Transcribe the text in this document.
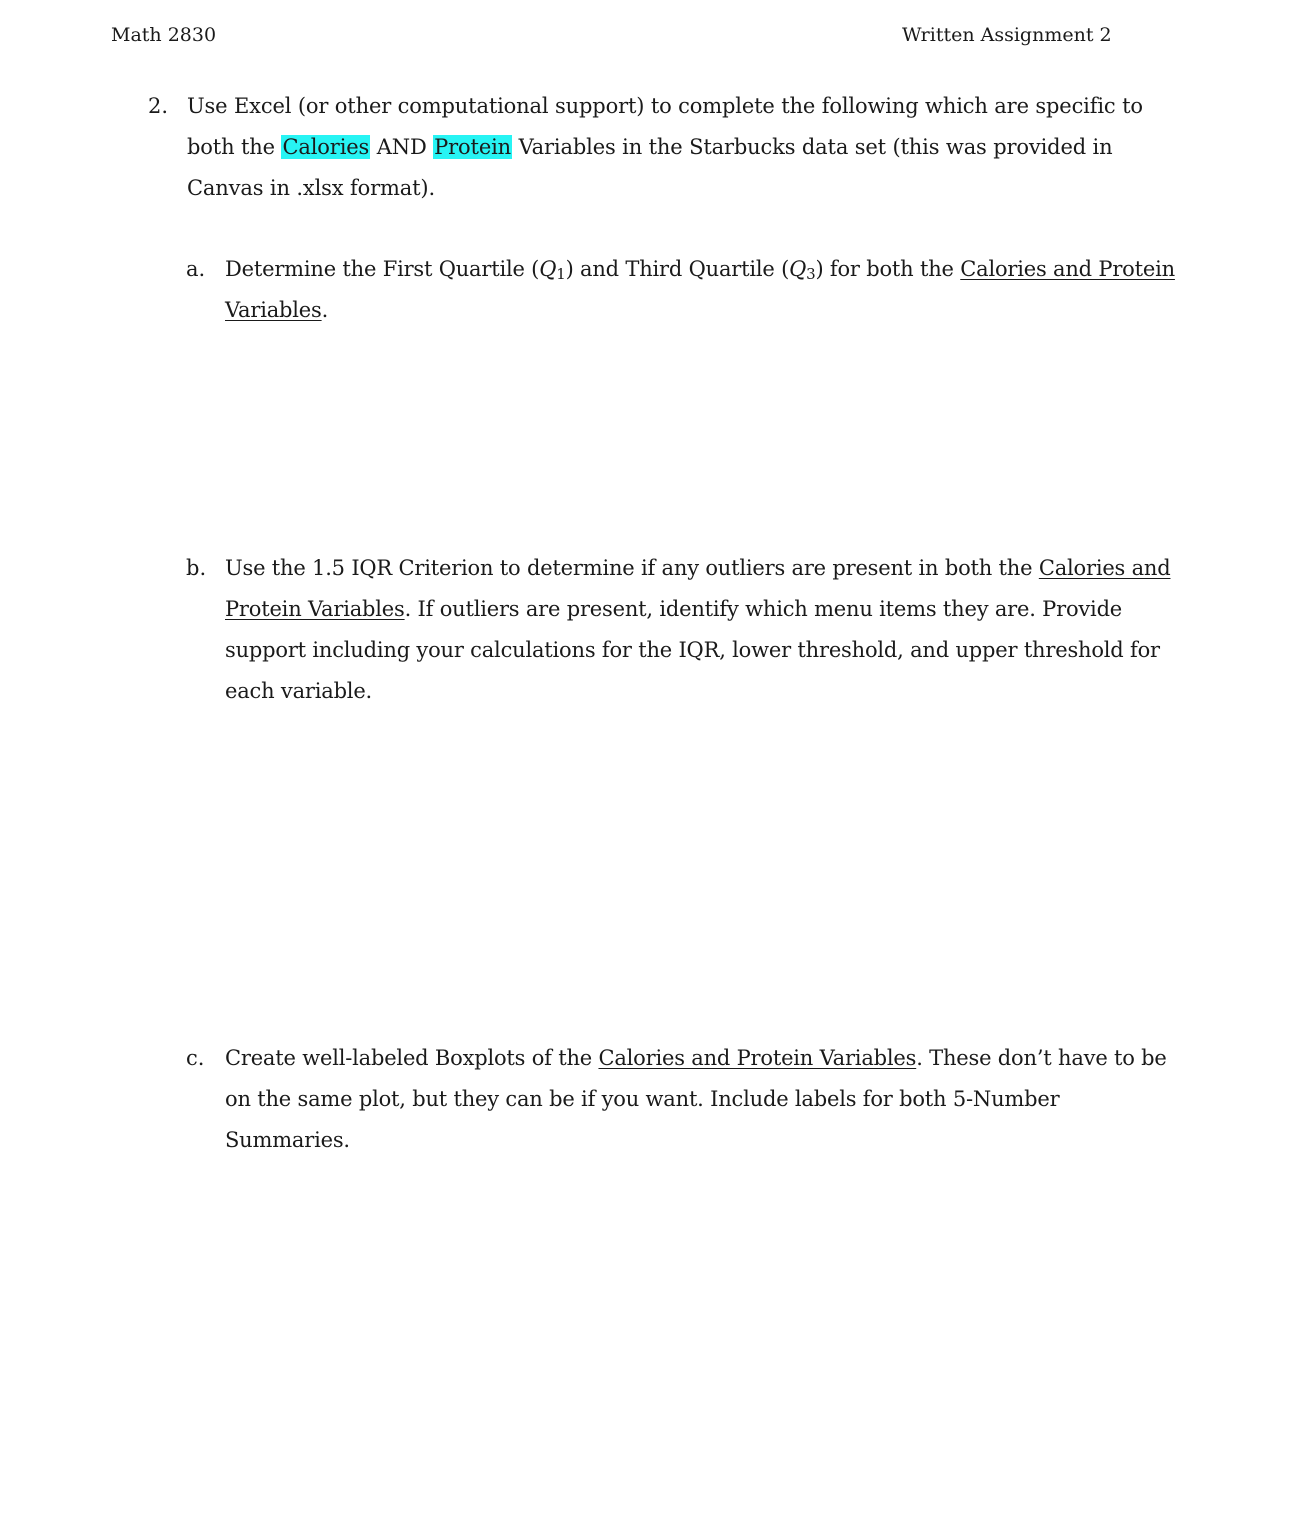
Math 2830	Written Assignment 2
2. Use Excel (or other computational support) to complete the following which are specific to both the Calories AND Protein Variables in the Starbucks data set (this was provided in Canvas in .xlsx format).
a. Determine the First Quartile $(Q_1)$ and Third Quartile $(Q_3)$ for both the Calories and Protein Variables.
b. Use the 1.5 IQR Criterion to determine if any outliers are present in both the Calories and Protein Variables. If outliers are present, identify which menu items they are. Provide support including your calculations for the IQR, lower threshold, and upper threshold for each variable.
c. Create well-labeled Boxplots of the Calories and Protein Variables. These don’t have to be on the same plot, but they can be if you want. Include labels for both 5-Number Summaries.
